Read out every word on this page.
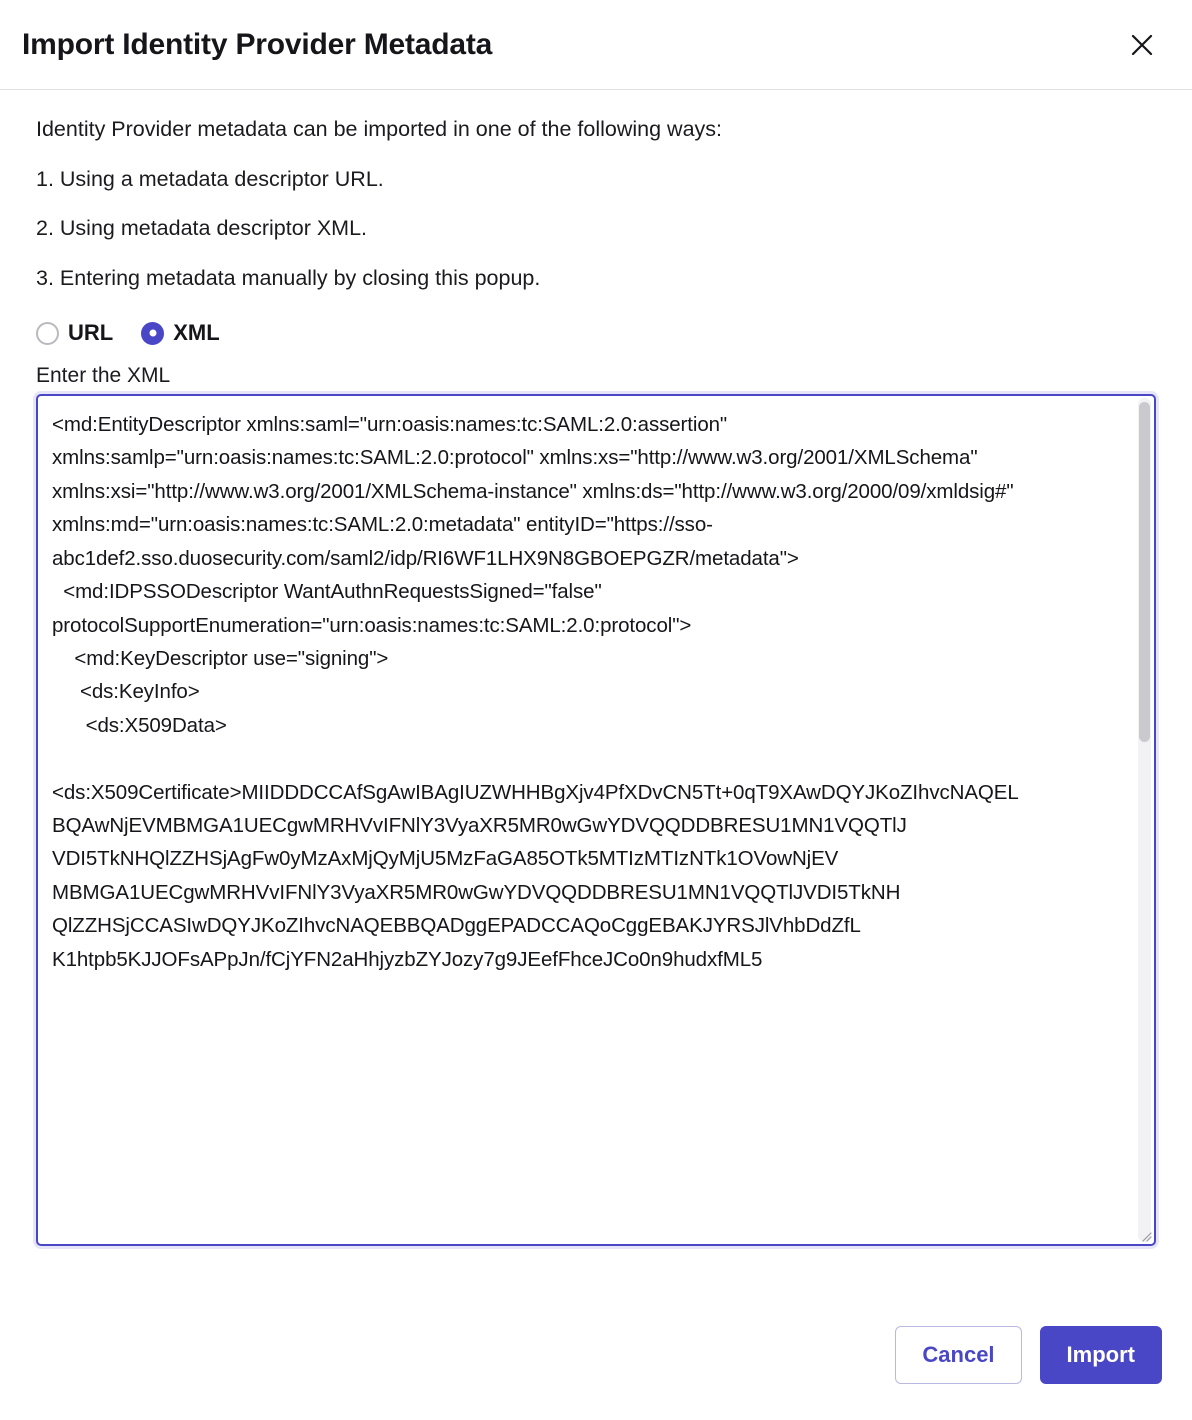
Import Identity Provider Metadata
Identity Provider metadata can be imported in one of the following ways:
1. Using a metadata descriptor URL.
2. Using metadata descriptor XML.
3. Entering metadata manually by closing this popup.
URL	XML
Enter the XML
<md:EntityDescriptor xmlns:saml="urn:oasis:names:tc:SAML:2.0:assertion" xmlns:samlp="urn:oasis:names:tc:SAML:2.0:protocol" xmlns:xs="http://www.w3.org/2001/XMLSchema" xmlns:xsi="http://www.w3.org/2001/XMLSchema-instance" xmlns:ds="http://www.w3.org/2000/09/xmldsig#" xmlns:md="urn:oasis:names:tc:SAML:2.0:metadata" entityID="https://sso-abc1def2.sso.duosecurity.com/saml2/idp/RI6WF1LHX9N8GBOEPGZR/metadata"> <md:IDPSSODescriptor WantAuthnRequestsSigned="false" protocolSupportEnumeration="urn:oasis:names:tc:SAML:2.0:protocol"> <md:KeyDescriptor use="signing"> <ds:KeyInfo> <ds:X509Data> <ds:X509Certificate>MIIDDDCCAfSgAwIBAgIUZWHHBgXjv4PfXDvCN5Tt+0qT9XAwDQYJKoZIhvcNAQEL BQAwNjEVMBMGA1UECgwMRHVvIFNlY3VyaXR5MR0wGwYDVQQDDBRESU1MN1VQQTlJ VDI5TkNHQlZZHSjAgFw0yMzAxMjQyMjU5MzFaGA85OTk5MTIzMTIzNTk1OVowNjEV MBMGA1UECgwMRHVvIFNlY3VyaXR5MR0wGwYDVQQDDBRESU1MN1VQQTlJVDI5TkNH QlZZHSjCCASIwDQYJKoZIhvcNAQEBBQADggEPADCCAQoCggEBAKJYRSJlVhbDdZfL K1htpb5KJJOFsAPpJn/fCjYFN2aHhjyzbZYJozy7g9JEefFhceJCo0n9hudxfML5
Cancel	Import
